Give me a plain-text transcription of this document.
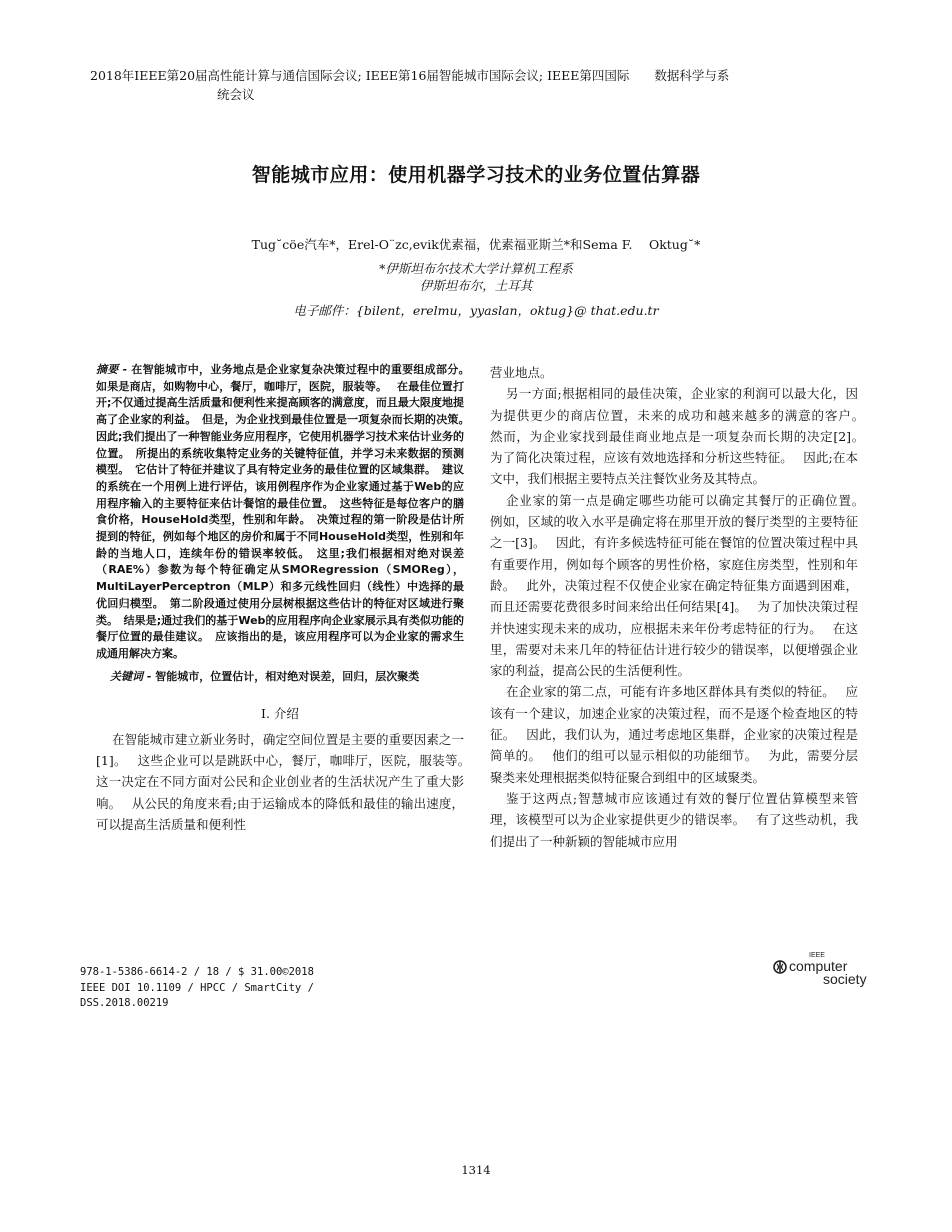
2018年IEEE第20届高性能计算与通信国际会议; IEEE第16届智能城市国际会议; IEEE第四国际　　数据科学与系
统会议
智能城市应用：使用机器学习技术的业务位置估算器
Tug˘cöe汽车*，Erel-O¨zc,evik优素福，优素福亚斯兰*和Sema F.　 Oktug˘*
*伊斯坦布尔技术大学计算机工程系
伊斯坦布尔，土耳其
电子邮件：{bilent，erelmu，yyaslan，oktug}@ that.edu.tr
摘要 - 在智能城市中，业务地点是企业家复杂决策过程中的重要组成部分。　 如果是商店，如购物中心，餐厅，咖啡厅，医院，服装等。　 在最佳位置打开;不仅通过提高生活质量和便利性来提高顾客的满意度，而且最大限度地提高了企业家的利益。　但是，为企业找到最佳位置是一项复杂而长期的决策。　因此;我们提出了一种智能业务应用程序，它使用机器学习技术来估计业务的位置。　所提出的系统收集特定业务的关键特征值，并学习未来数据的预测模型。　它估计了特征并建议了具有特定业务的最佳位置的区域集群。　建议的系统在一个用例上进行评估，该用例程序作为企业家通过基于Web的应用程序输入的主要特征来估计餐馆的最佳位置。　这些特征是每位客户的膳食价格，HouseHold类型，性别和年龄。　决策过程的第一阶段是估计所提到的特征，例如每个地区的房价和属于不同HouseHold类型，性别和年龄的当地人口，连续年份的错误率较低。　这里;我们根据相对绝对误差（RAE%）参数为每个特征确定从SMORegression（SMOReg），MultiLayerPerceptron（MLP）和多元线性回归（线性）中选择的最优回归模型。　第二阶段通过使用分层树根据这些估计的特征对区域进行聚类。　结果是;通过我们的基于Web的应用程序向企业家展示具有类似功能的餐厅位置的最佳建议。　应该指出的是，该应用程序可以为企业家的需求生成通用解决方案。
关键词 - 智能城市，位置估计，相对绝对误差，回归，层次聚类
I. 介绍

在智能城市建立新业务时，确定空间位置是主要的重要因素之一[1]。　 这些企业可以是跳跃中心，餐厅，咖啡厅，医院，服装等。　 这一决定在不同方面对公民和企业创业者的生活状况产生了重大影响。　 从公民的角度来看;由于运输成本的降低和最佳的输出速度，可以提高生活质量和便利性

营业地点。

另一方面;根据相同的最佳决策，企业家的利润可以最大化，因为提供更少的商店位置，未来的成功和越来越多的满意的客户。　 然而，为企业家找到最佳商业地点是一项复杂而长期的决定[2]。　 为了简化决策过程，应该有效地选择和分析这些特征。　 因此;在本文中，我们根据主要特点关注餐饮业务及其特点。

企业家的第一点是确定哪些功能可以确定其餐厅的正确位置。　 例如，区域的收入水平是确定将在那里开放的餐厅类型的主要特征之一[3]。　 因此，有许多候选特征可能在餐馆的位置决策过程中具有重要作用，例如每个顾客的男性价格，家庭住房类型，性别和年龄。　 此外，决策过程不仅使企业家在确定特征集方面遇到困难，而且还需要花费很多时间来给出任何结果[4]。　 为了加快决策过程并快速实现未来的成功，应根据未来年份考虑特征的行为。　 在这里，需要对未来几年的特征估计进行较少的错误率，以便增强企业家的利益，提高公民的生活便利性。

在企业家的第二点，可能有许多地区群体具有类似的特征。　 应该有一个建议，加速企业家的决策过程，而不是逐个检查地区的特征。　 因此，我们认为，通过考虑地区集群，企业家的决策过程是简单的。　 他们的组可以显示相似的功能细节。　 为此，需要分层聚类来处理根据类似特征聚合到组中的区域聚类。

鉴于这两点;智慧城市应该通过有效的餐厅位置估算模型来管理，该模型可以为企业家提供更少的错误率。　 有了这些动机，我们提出了一种新颖的智能城市应用

978-1-5386-6614-2 / 18 / $ 31.00©2018
IEEE DOI 10.1109 / HPCC / SmartCity /
DSS.2018.00219
IEEE
computer
society
1314
